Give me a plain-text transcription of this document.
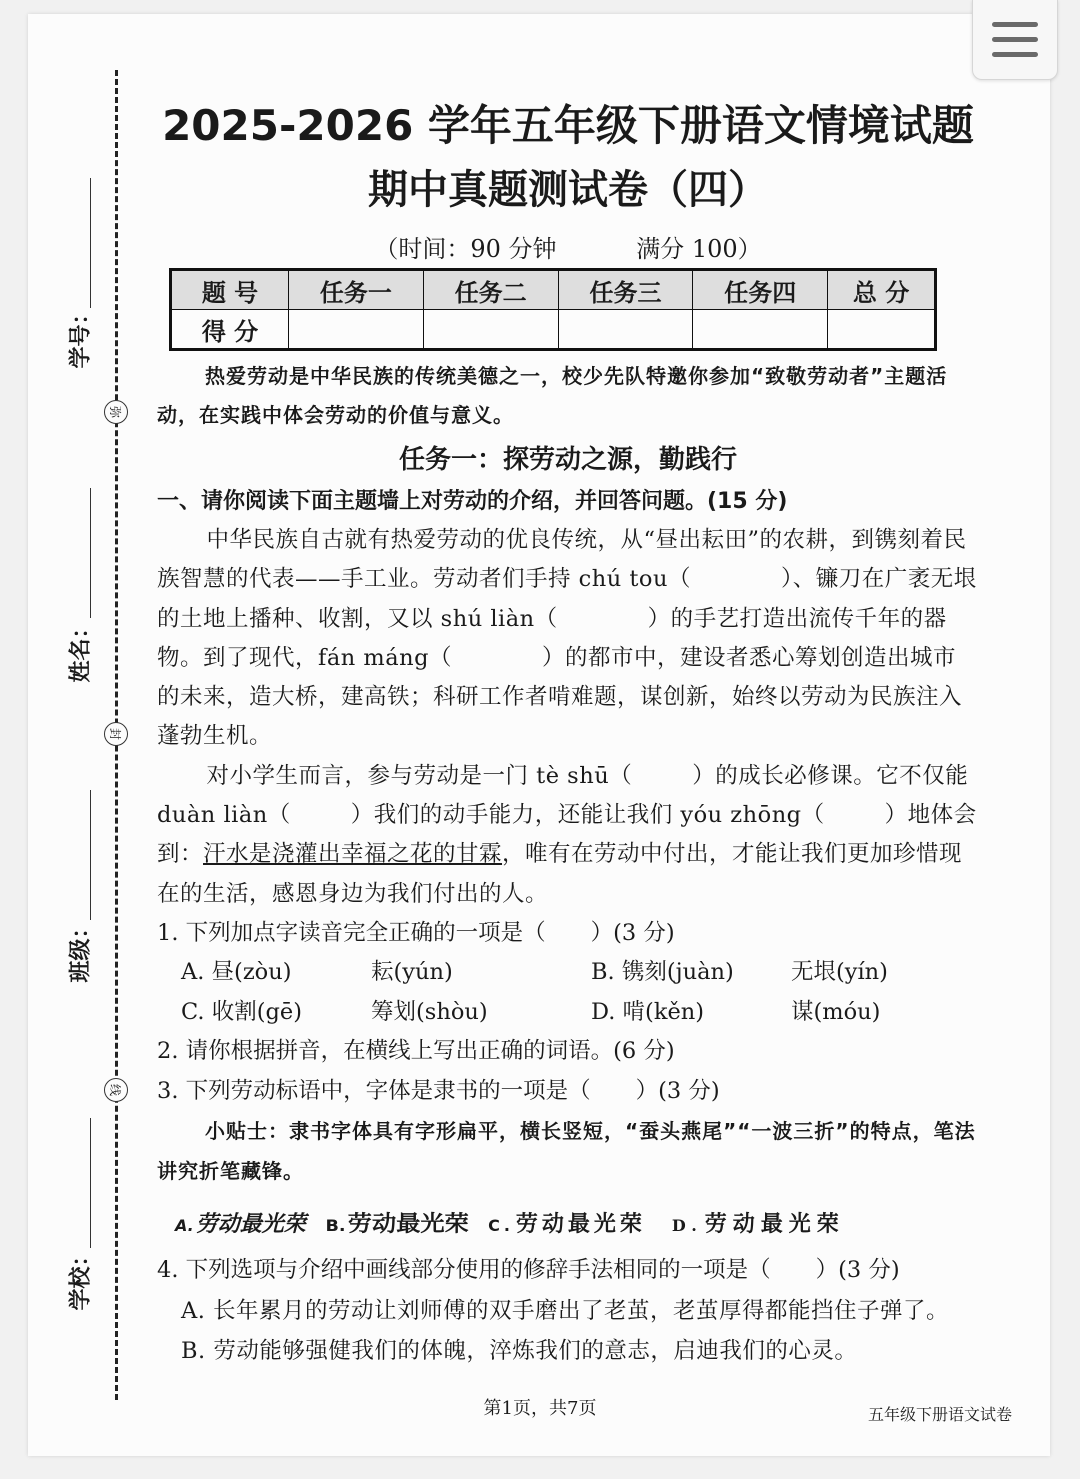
弥
封
线
2025-2026 学年五年级下册语文情境试题
期中真题测试卷（四）
（时间：90 分钟	满分 100）
题 号	任务一	任务二	任务三	任务四	总 分
得 分					

热爱劳动是中华民族的传统美德之一，校少先队特邀你参加“致敬劳动者”主题活动，在实践中体会劳动的价值与意义。

任务一：探劳动之源，勤践行
一、请你阅读下面主题墙上对劳动的介绍，并回答问题。(15 分)

中华民族自古就有热爱劳动的优良传统，从“昼出耘田”的农耕，到镌刻着民族智慧的代表——手工业。劳动者们手持 chú tou（	）、镰刀在广袤无垠的土地上播种、收割，又以 shú liàn（	）的手艺打造出流传千年的器物。到了现代，fán máng（	）的都市中，建设者悉心筹划创造出城市的未来，造大桥，建高铁；科研工作者啃难题，谋创新，始终以劳动为民族注入蓬勃生机。

对小学生而言，参与劳动是一门 tè shū（	）的成长必修课。它不仅能 duàn liàn（	）我们的动手能力，还能让我们 yóu zhōng（	）地体会到：汗水是浇灌出幸福之花的甘霖，唯有在劳动中付出，才能让我们更加珍惜现在的生活，感恩身边为我们付出的人。

1. 下列加点字读音完全正确的一项是（　　）(3 分)
A. 昼(zòu)	耘(yún)	B. 镌刻(juàn)	无垠(yín)
C. 收割(gē)	筹划(shòu)	D. 啃(kěn)	谋(móu)
2. 请你根据拼音，在横线上写出正确的词语。(6 分)
3. 下列劳动标语中，字体是隶书的一项是（　　）(3 分)

小贴士：隶书字体具有字形扁平，横长竖短，“蚕头燕尾”“一波三折”的特点，笔法讲究折笔藏锋。

A.劳动最光荣 B.劳动最光荣 C.劳动最光荣 D.劳动最光荣
4. 下列选项与介绍中画线部分使用的修辞手法相同的一项是（　　）(3 分)
A. 长年累月的劳动让刘师傅的双手磨出了老茧，老茧厚得都能挡住子弹了。
B. 劳动能够强健我们的体魄，淬炼我们的意志，启迪我们的心灵。
第1页，共7页	五年级下册语文试卷
